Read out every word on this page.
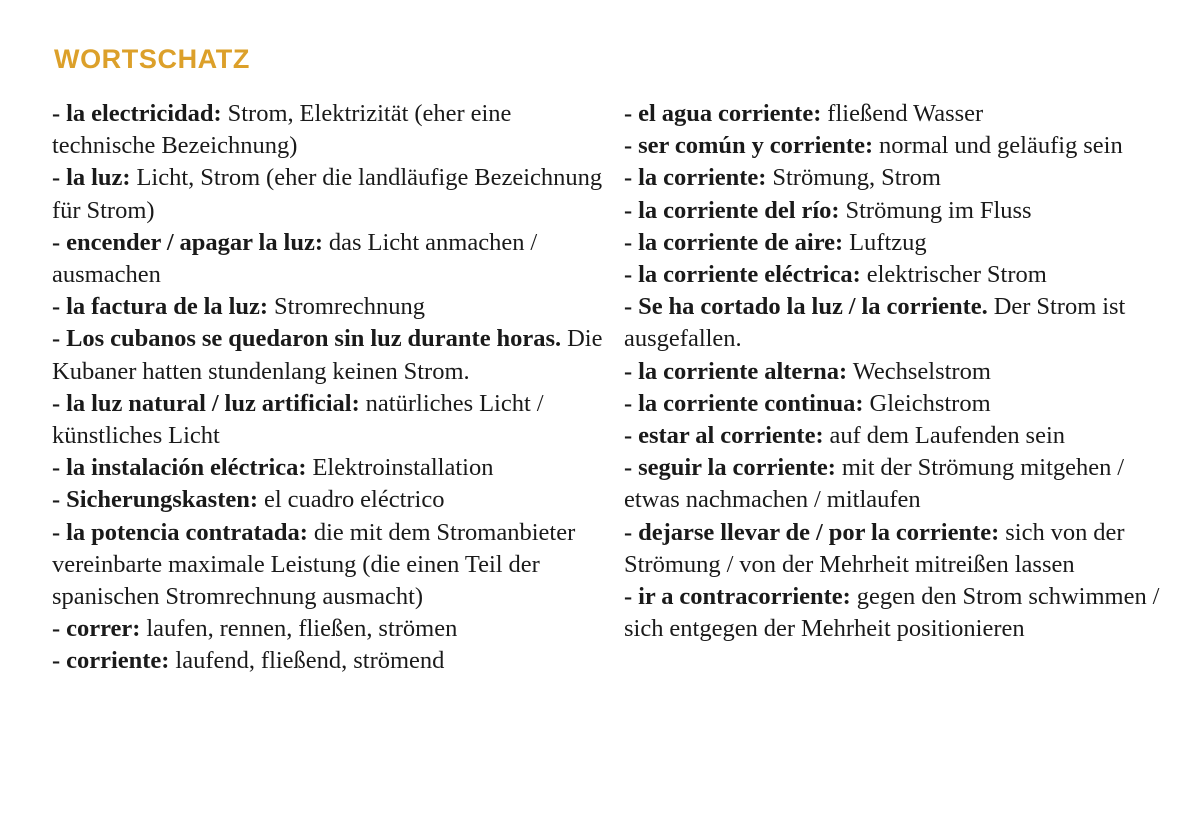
WORTSCHATZ
- la electricidad: Strom, Elektrizität (eher eine technische Bezeichnung)
- la luz: Licht, Strom (eher die landläufige Bezeichnung für Strom)
- encender / apagar la luz: das Licht anmachen / ausmachen
- la factura de la luz: Stromrechnung
- Los cubanos se quedaron sin luz durante horas. Die Kubaner hatten stundenlang keinen Strom.
- la luz natural / luz artificial: natürliches Licht / künstliches Licht
- la instalación eléctrica: Elektroinstallation
- Sicherungskasten: el cuadro eléctrico
- la potencia contratada: die mit dem Stromanbieter vereinbarte maximale Leistung (die einen Teil der spanischen Stromrechnung ausmacht)
- correr: laufen, rennen, fließen, strömen
- corriente: laufend, fließend, strömend
- el agua corriente: fließend Wasser
- ser común y corriente: normal und geläufig sein
- la corriente: Strömung, Strom
- la corriente del río: Strömung im Fluss
- la corriente de aire: Luftzug
- la corriente eléctrica: elektrischer Strom
- Se ha cortado la luz / la corriente. Der Strom ist ausgefallen.
- la corriente alterna: Wechselstrom
- la corriente continua: Gleichstrom
- estar al corriente: auf dem Laufenden sein
- seguir la corriente: mit der Strömung mitgehen / etwas nachmachen / mitlaufen
- dejarse llevar de / por la corriente: sich von der Strömung / von der Mehrheit mitreißen lassen
- ir a contracorriente: gegen den Strom schwimmen / sich entgegen der Mehrheit positionieren
